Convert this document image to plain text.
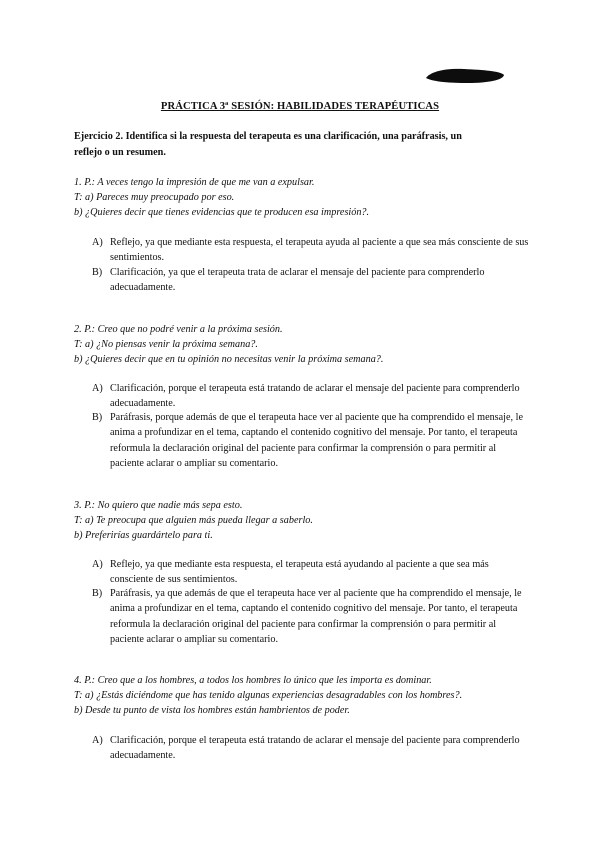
PRÁCTICA 3ª SESIÓN: HABILIDADES TERAPÉUTICAS
Ejercicio 2. Identifica si la respuesta del terapeuta es una clarificación, una paráfrasis, un
reflejo o un resumen.
1. P.: A veces tengo la impresión de que me van a expulsar.
T: a) Pareces muy preocupado por eso.
b) ¿Quieres decir que tienes evidencias que te producen esa impresión?.
A) Reflejo, ya que mediante esta respuesta, el terapeuta ayuda al paciente a que sea más consciente de sus sentimientos.
B) Clarificación, ya que el terapeuta trata de aclarar el mensaje del paciente para comprenderlo adecuadamente.
2. P.: Creo que no podré venir a la próxima sesión.
T: a) ¿No piensas venir la próxima semana?.
b) ¿Quieres decir que en tu opinión no necesitas venir la próxima semana?.
A) Clarificación, porque el terapeuta está tratando de aclarar el mensaje del paciente para comprenderlo adecuadamente.
B) Paráfrasis, porque además de que el terapeuta hace ver al paciente que ha comprendido el mensaje, le anima a profundizar en el tema, captando el contenido cognitivo del mensaje. Por tanto, el terapeuta reformula la declaración original del paciente para confirmar la comprensión o para permitir al paciente aclarar o ampliar su comentario.
3. P.: No quiero que nadie más sepa esto.
T: a) Te preocupa que alguien más pueda llegar a saberlo.
b) Preferirías guardártelo para ti.
A) Reflejo, ya que mediante esta respuesta, el terapeuta está ayudando al paciente a que sea más consciente de sus sentimientos.
B) Paráfrasis, ya que además de que el terapeuta hace ver al paciente que ha comprendido el mensaje, le anima a profundizar en el tema, captando el contenido cognitivo del mensaje. Por tanto, el terapeuta reformula la declaración original del paciente para confirmar la comprensión o para permitir al paciente aclarar o ampliar su comentario.
4. P.: Creo que a los hombres, a todos los hombres lo único que les importa es dominar.
T: a) ¿Estás diciéndome que has tenido algunas experiencias desagradables con los hombres?.
b) Desde tu punto de vista los hombres están hambrientos de poder.
A) Clarificación, porque el terapeuta está tratando de aclarar el mensaje del paciente para comprenderlo adecuadamente.
